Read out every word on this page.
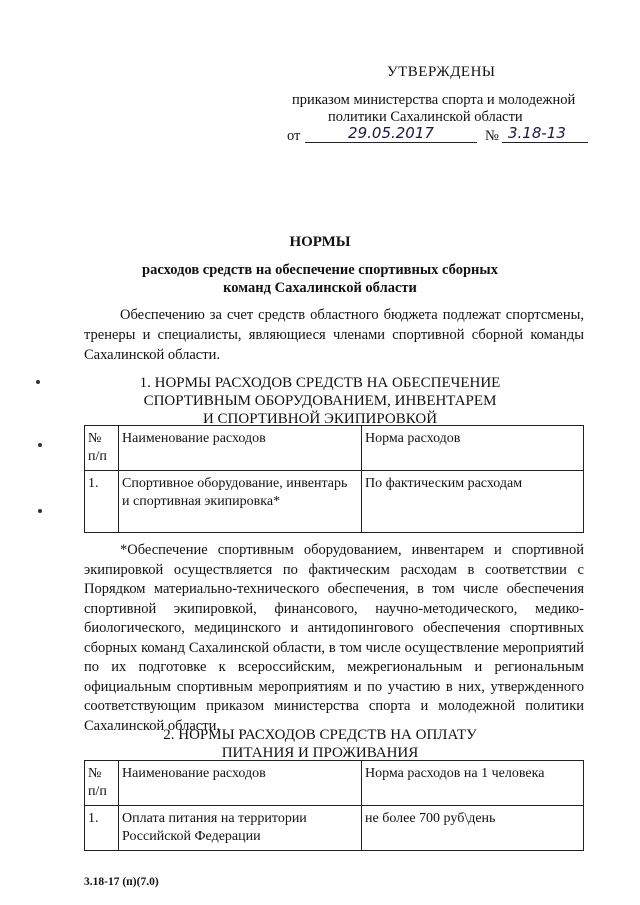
УТВЕРЖДЕНЫ
приказом министерства спорта и молодежной
политики Сахалинской области
от	29.05.2017	№ 3.18-13
НОРМЫ
расходов средств на обеспечение спортивных сборных
команд Сахалинской области
Обеспечению за счет средств областного бюджета подлежат спортсмены, тренеры и специалисты, являющиеся членами спортивной сборной команды Сахалинской области.
1. НОРМЫ РАСХОДОВ СРЕДСТВ НА ОБЕСПЕЧЕНИЕ
СПОРТИВНЫМ ОБОРУДОВАНИЕМ, ИНВЕНТАРЕМ
И СПОРТИВНОЙ ЭКИПИРОВКОЙ
№ п/п	Наименование расходов	Норма расходов
1.	Спортивное оборудование, инвентарь и спортивная экипировка*	По фактическим расходам
*Обеспечение спортивным оборудованием, инвентарем и спортивной экипировкой осуществляется по фактическим расходам в соответствии с Порядком материально-технического обеспечения, в том числе обеспечения спортивной экипировкой, финансового, научно-методического, медико-биологического, медицинского и антидопингового обеспечения спортивных сборных команд Сахалинской области, в том числе осуществление мероприятий по их подготовке к всероссийским, межрегиональным и региональным официальным спортивным мероприятиям и по участию в них, утвержденного соответствующим приказом министерства спорта и молодежной политики Сахалинской области.
2. НОРМЫ РАСХОДОВ СРЕДСТВ НА ОПЛАТУ
ПИТАНИЯ И ПРОЖИВАНИЯ
№ п/п	Наименование расходов	Норма расходов на 1 человека
1.	Оплата питания на территории Российской Федерации	не более 700 руб\день
3.18-17 (п)(7.0)
